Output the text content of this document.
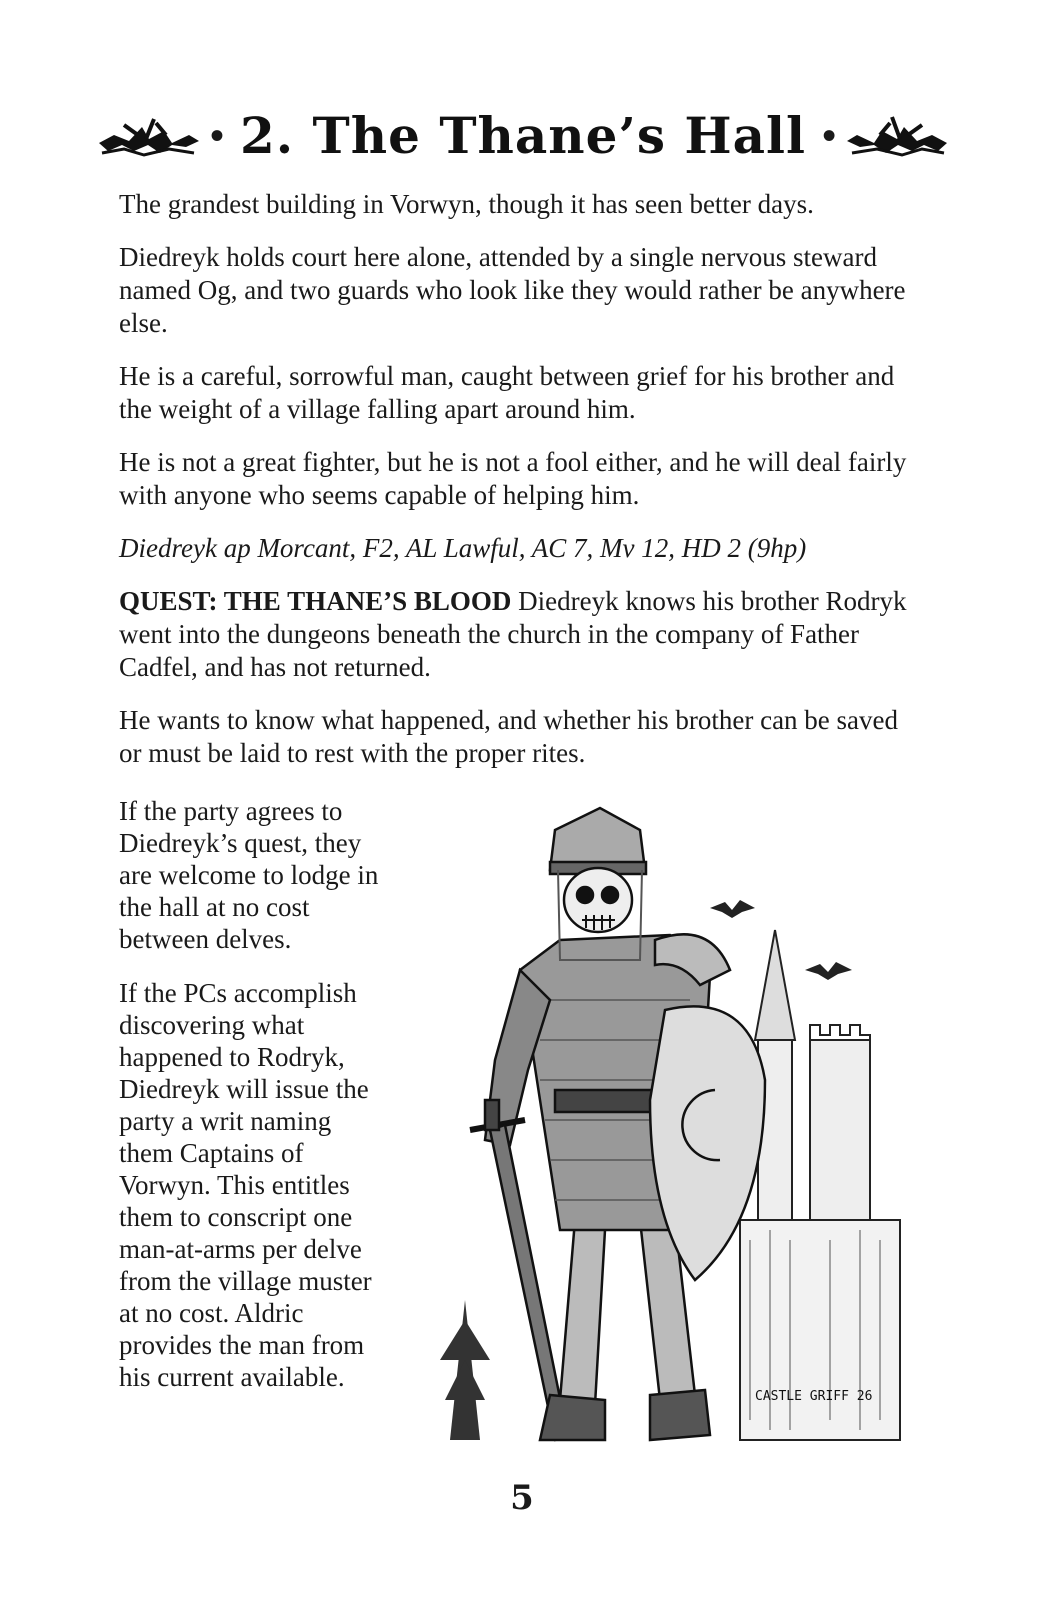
• 2. The Thane’s Hall •

The grandest building in Vorwyn, though it has seen better days.

Diedreyk holds court here alone, attended by a single nervous steward named Og, and two guards who look like they would rather be anywhere else.

He is a careful, sorrowful man, caught between grief for his brother and the weight of a village falling apart around him.

He is not a great fighter, but he is not a fool either, and he will deal fairly with anyone who seems capable of helping him.

Diedreyk ap Morcant, F2, AL Lawful, AC 7, Mv 12, HD 2 (9hp)

QUEST: THE THANE’S BLOOD Diedreyk knows his brother Rodryk went into the dungeons beneath the church in the company of Father Cadfel, and has not returned.

He wants to know what happened, and whether his brother can be saved or must be laid to rest with the proper rites.

If the party agrees to Diedreyk’s quest, they are welcome to lodge in the hall at no cost between delves.

If the PCs accomplish discovering what happened to Rodryk, Diedreyk will issue the party a writ naming them Captains of Vorwyn. This entitles them to conscript one man-at-arms per delve from the village muster at no cost. Aldric provides the man from his current available.

CASTLE GRIFF 26
5
